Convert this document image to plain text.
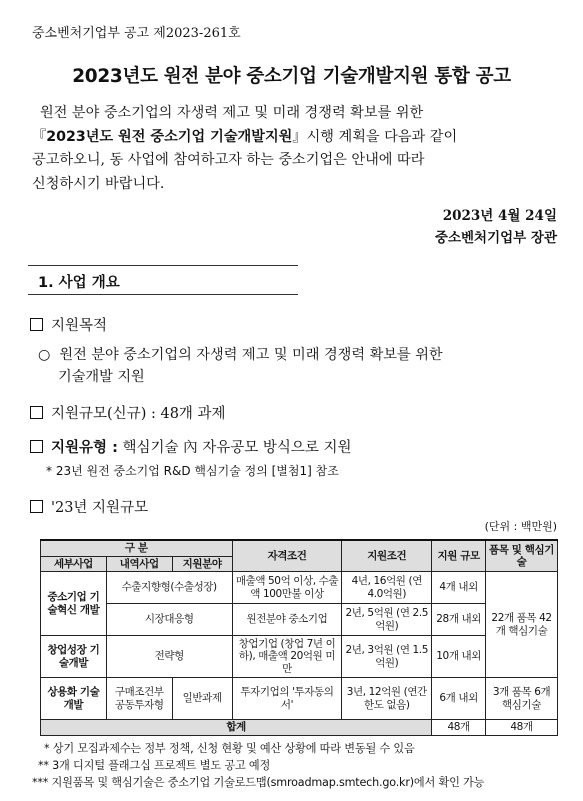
중소벤처기업부 공고 제2023-261호
2023년도 원전 분야 중소기업 기술개발지원 통합 공고
원전 분야 중소기업의 자생력 제고 및 미래 경쟁력 확보를 위한
『2023년도 원전 중소기업 기술개발지원』시행 계획을 다음과 같이
공고하오니, 동 사업에 참여하고자 하는 중소기업은 안내에 따라
신청하시기 바랍니다.
2023년 4월 24일
중소벤처기업부 장관
1. 사업 개요
지원목적
○ 원전 분야 중소기업의 자생력 제고 및 미래 경쟁력 확보를 위한
기술개발 지원
지원규모(신규) : 48개 과제
지원유형 : 핵심기술 內 자유공모 방식으로 지원
* 23년 원전 중소기업 R&D 핵심기술 정의 [별첨1] 참조
'23년 지원규모
(단위 : 백만원)
구 분			자격조건	지원조건	지원 규모	품목 및 핵심기술
세부사업	내역사업	지원분야				
중소기업 기술혁신 개발	수출지향형(수출성장)		매출액 50억 이상, 수출액 100만불 이상	4년, 16억원 (연 4.0억원)	4개 내외	22개 품목 42개 핵심기술
	시장대응형		원전분야 중소기업	2년, 5억원 (연 2.5억원)	28개 내외	
창업성장 기술개발	전략형		창업기업 (창업 7년 이하), 매출액 20억원 미만	2년, 3억원 (연 1.5억원)	10개 내외	
상용화 기술개발	구매조건부 공동투자형	일반과제	투자기업의 '투자동의서'	3년, 12억원 (연간 한도 없음)	6개 내외	3개 품목 6개 핵심기술
합계					48개	48개
* 상기 모집과제수는 정부 정책, 신청 현황 및 예산 상황에 따라 변동될 수 있음
** 3개 디지털 플래그십 프로젝트 별도 공고 예정
*** 지원품목 및 핵심기술은 중소기업 기술로드맵(smroadmap.smtech.go.kr)에서 확인 가능
